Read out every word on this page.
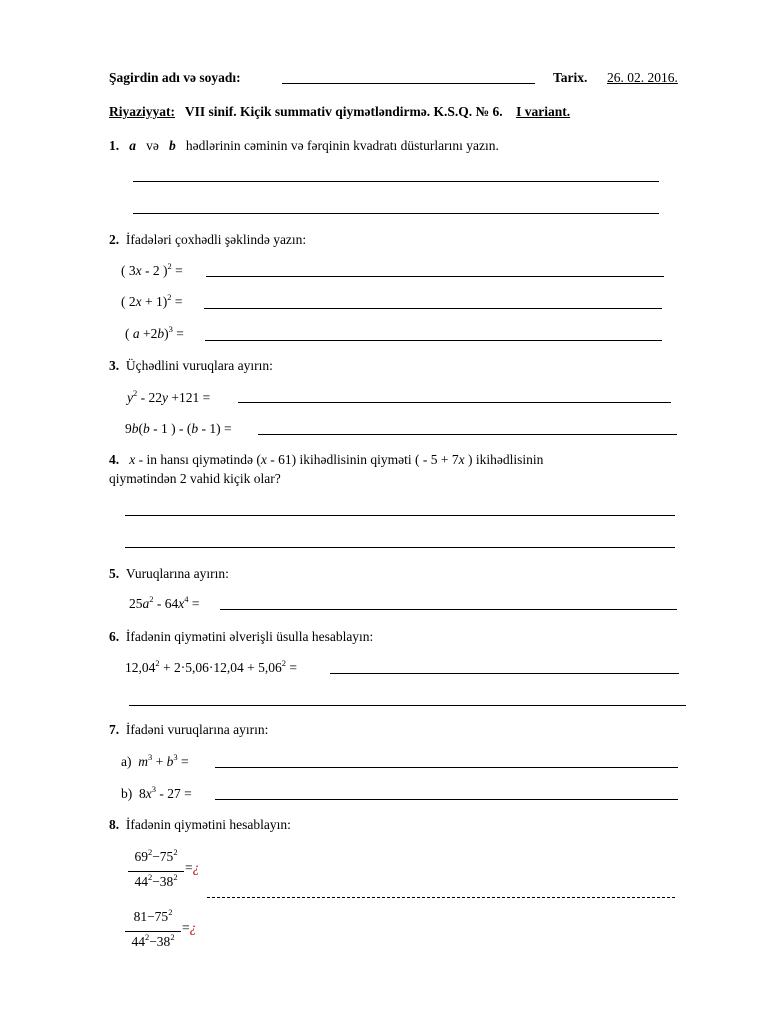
Şagirdin adı və soyadı:	Tarix. 26. 02. 2016.
Riyaziyyat: VII sinif. Kiçik summativ qiymətləndirmə. K.S.Q. № 6. I variant.
1. a və b hədlərinin cəminin və fərqinin kvadratı düsturlarını yazın.
2. İfadələri çoxhədli şəklində yazın:
( 3x - 2 )$^2$ =
( 2x + 1)$^2$ =
( a +2b)$^3$ =
3. Üçhədlini vuruqlara ayırın:
$y^2 - 22y +121$ =
9b(b - 1 ) - (b - 1) =
4. x - in hansı qiymətində (x - 61) ikihədlisinin qiyməti ( - 5 + 7x ) ikihədlisinin
qiymətindən 2 vahid kiçik olar?
5. Vuruqlarına ayırın:
$25a^2 - 64x^4$ =
6. İfadənin qiymətini əlverişli üsulla hesablayın:
$12,04^2 + 2\cdot 5,06\cdot 12,04 + 5,06^2$ =
7. İfadəni vuruqlarına ayırın:
a) $m^3 + b^3$ =
b) $8x^3 - 27$ =
8. İfadənin qiymətini hesablayın:
$69^2-75^2$
$44^2-38^2$
=¿
$81-75^2$
$44^2-38^2$
=¿
